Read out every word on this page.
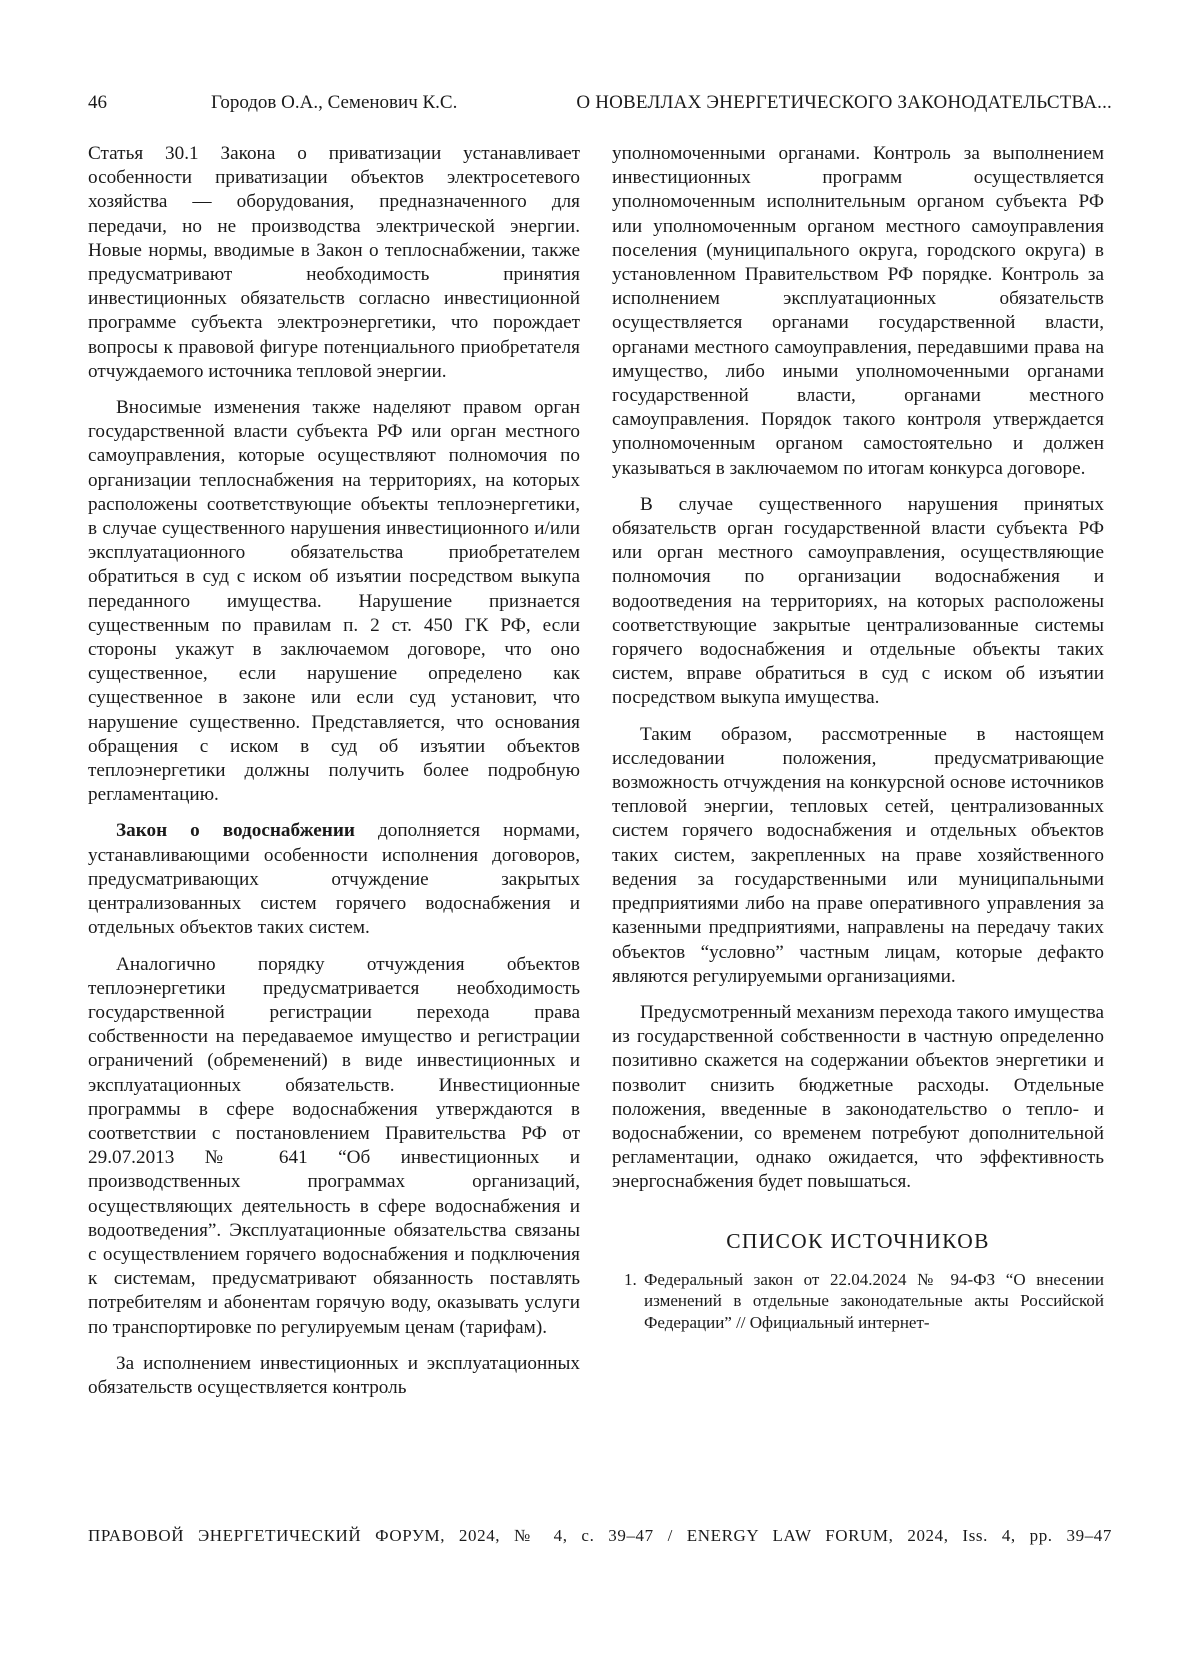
46	Городов О.А., Семенович К.С.	О НОВЕЛЛАХ ЭНЕРГЕТИЧЕСКОГО ЗАКОНОДАТЕЛЬСТВА...

Статья 30.1 Закона о приватизации устанавливает особенности приватизации объектов электросетевого хозяйства — оборудования, предназначенного для передачи, но не производства электрической энергии. Новые нормы, вводимые в Закон о теплоснабжении, также предусматривают необходимость принятия инвестиционных обязательств согласно инвестиционной программе субъекта электроэнергетики, что порождает вопросы к правовой фигуре потенциального приобретателя отчуждаемого источника тепловой энергии.

Вносимые изменения также наделяют правом орган государственной власти субъекта РФ или орган местного самоуправления, которые осуществляют полномочия по организации теплоснабжения на территориях, на которых расположены соответствующие объекты теплоэнергетики, в случае существенного нарушения инвестиционного и/или эксплуатационного обязательства приобретателем обратиться в суд с иском об изъятии посредством выкупа переданного имущества. Нарушение признается существенным по правилам п. 2 ст. 450 ГК РФ, если стороны укажут в заключаемом договоре, что оно существенное, если нарушение определено как существенное в законе или если суд установит, что нарушение существенно. Представляется, что основания обращения с иском в суд об изъятии объектов теплоэнергетики должны получить более подробную регламентацию.

Закон о водоснабжении дополняется нормами, устанавливающими особенности исполнения договоров, предусматривающих отчуждение закрытых централизованных систем горячего водоснабжения и отдельных объектов таких систем.

Аналогично порядку отчуждения объектов теплоэнергетики предусматривается необходимость государственной регистрации перехода права собственности на передаваемое имущество и регистрации ограничений (обременений) в виде инвестиционных и эксплуатационных обязательств. Инвестиционные программы в сфере водоснабжения утверждаются в соответствии с постановлением Правительства РФ от 29.07.2013 № 641 “Об инвестиционных и производственных программах организаций, осуществляющих деятельность в сфере водоснабжения и водоотведения”. Эксплуатационные обязательства связаны с осуществлением горячего водоснабжения и подключения к системам, предусматривают обязанность поставлять потребителям и абонентам горячую воду, оказывать услуги по транспортировке по регулируемым ценам (тарифам).

За исполнением инвестиционных и эксплуатационных обязательств осуществляется контроль

уполномоченными органами. Контроль за выполнением инвестиционных программ осуществляется уполномоченным исполнительным органом субъекта РФ или уполномоченным органом местного самоуправления поселения (муниципального округа, городского округа) в установленном Правительством РФ порядке. Контроль за исполнением эксплуатационных обязательств осуществляется органами государственной власти, органами местного самоуправления, передавшими права на имущество, либо иными уполномоченными органами государственной власти, органами местного самоуправления. Порядок такого контроля утверждается уполномоченным органом самостоятельно и должен указываться в заключаемом по итогам конкурса договоре.

В случае существенного нарушения принятых обязательств орган государственной власти субъекта РФ или орган местного самоуправления, осуществляющие полномочия по организации водоснабжения и водоотведения на территориях, на которых расположены соответствующие закрытые централизованные системы горячего водоснабжения и отдельные объекты таких систем, вправе обратиться в суд с иском об изъятии посредством выкупа имущества.

Таким образом, рассмотренные в настоящем исследовании положения, предусматривающие возможность отчуждения на конкурсной основе источников тепловой энергии, тепловых сетей, централизованных систем горячего водоснабжения и отдельных объектов таких систем, закрепленных на праве хозяйственного ведения за государственными или муниципальными предприятиями либо на праве оперативного управления за казенными предприятиями, направлены на передачу таких объектов “условно” частным лицам, которые дефакто являются регулируемыми организациями.

Предусмотренный механизм перехода такого имущества из государственной собственности в частную определенно позитивно скажется на содержании объектов энергетики и позволит снизить бюджетные расходы. Отдельные положения, введенные в законодательство о тепло- и водоснабжении, со временем потребуют дополнительной регламентации, однако ожидается, что эффективность энергоснабжения будет повышаться.

СПИСОК ИСТОЧНИКОВ
1. Федеральный закон от 22.04.2024 № 94-ФЗ “О внесении изменений в отдельные законодательные акты Российской Федерации” // Официальный интернет-
ПРАВОВОЙ ЭНЕРГЕТИЧЕСКИЙ ФОРУМ, 2024, № 4, с. 39–47 / ENERGY LAW FORUM, 2024, Iss. 4, pp. 39–47
